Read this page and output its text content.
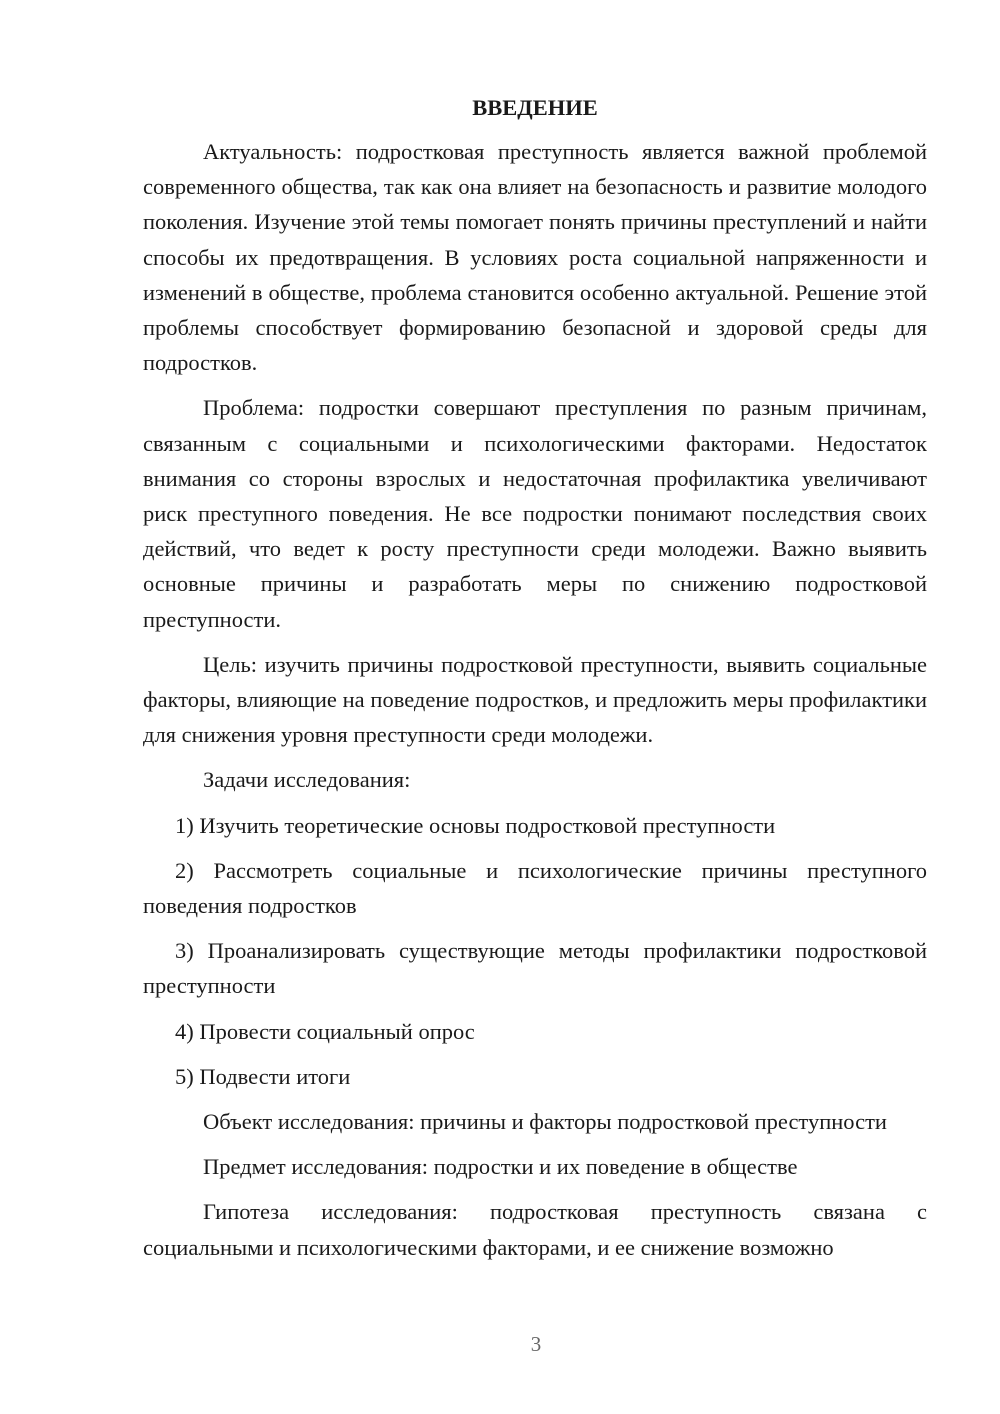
ВВЕДЕНИЕ

Актуальность: подростковая преступность является важной проблемой современного общества, так как она влияет на безопасность и развитие молодого поколения. Изучение этой темы помогает понять причины преступлений и найти способы их предотвращения. В условиях роста социальной напряженности и изменений в обществе, проблема становится особенно актуальной. Решение этой проблемы способствует формированию безопасной и здоровой среды для подростков.

Проблема: подростки совершают преступления по разным причинам, связанным с социальными и психологическими факторами. Недостаток внимания со стороны взрослых и недостаточная профилактика увеличивают риск преступного поведения. Не все подростки понимают последствия своих действий, что ведет к росту преступности среди молодежи. Важно выявить основные причины и разработать меры по снижению подростковой преступности.

Цель: изучить причины подростковой преступности, выявить социальные факторы, влияющие на поведение подростков, и предложить меры профилактики для снижения уровня преступности среди молодежи.

Задачи исследования:

1) Изучить теоретические основы подростковой преступности

2) Рассмотреть социальные и психологические причины преступного поведения подростков

3) Проанализировать существующие методы профилактики подростковой преступности

4) Провести социальный опрос

5) Подвести итоги

Объект исследования: причины и факторы подростковой преступности

Предмет исследования: подростки и их поведение в обществе

Гипотеза исследования: подростковая преступность связана с социальными и психологическими факторами, и ее снижение возможно

3
